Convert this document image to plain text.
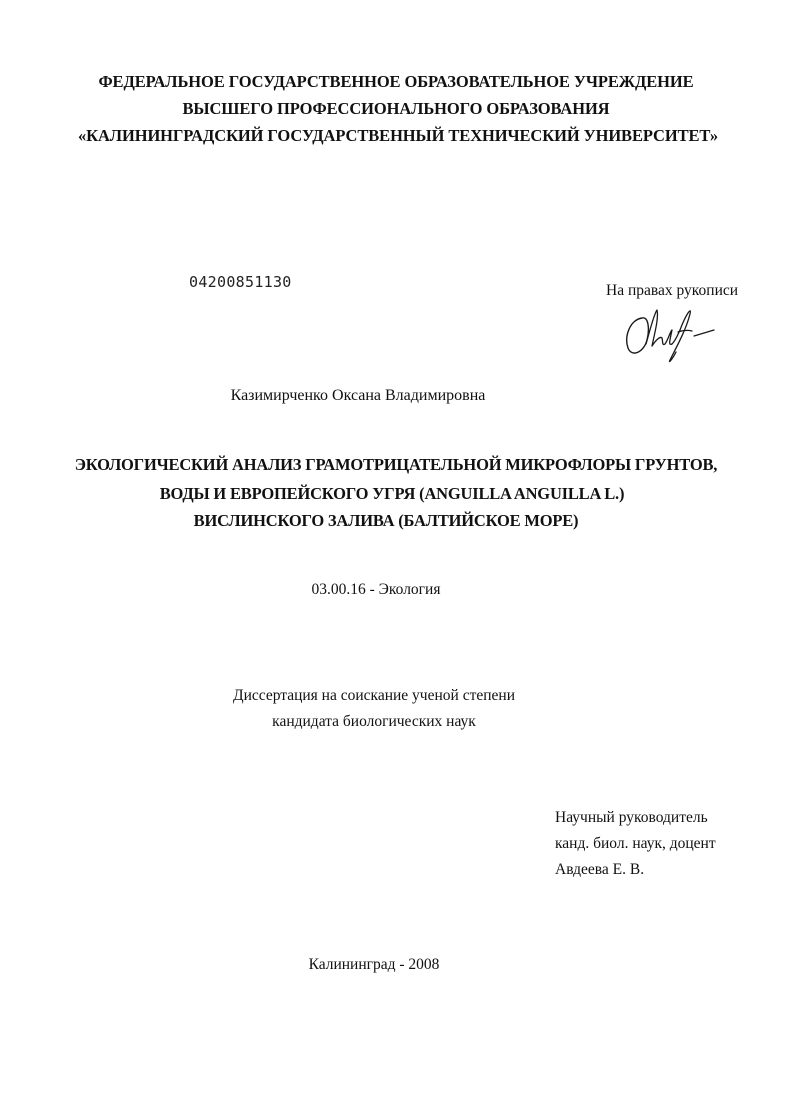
ФЕДЕРАЛЬНОЕ ГОСУДАРСТВЕННОЕ ОБРАЗОВАТЕЛЬНОЕ УЧРЕЖДЕНИЕ
ВЫСШЕГО ПРОФЕССИОНАЛЬНОГО ОБРАЗОВАНИЯ
«КАЛИНИНГРАДСКИЙ ГОСУДАРСТВЕННЫЙ ТЕХНИЧЕСКИЙ УНИВЕРСИТЕТ»
04200851130	На правах рукописи
Казимирченко Оксана Владимировна
ЭКОЛОГИЧЕСКИЙ АНАЛИЗ ГРАМОТРИЦАТЕЛЬНОЙ МИКРОФЛОРЫ ГРУНТОВ,
ВОДЫ И ЕВРОПЕЙСКОГО УГРЯ (ANGUILLA ANGUILLA L.)
ВИСЛИНСКОГО ЗАЛИВА (БАЛТИЙСКОЕ МОРЕ)
03.00.16 - Экология
Диссертация на соискание ученой степени
кандидата биологических наук
Научный руководитель
канд. биол. наук, доцент
Авдеева Е. В.
Калининград - 2008
